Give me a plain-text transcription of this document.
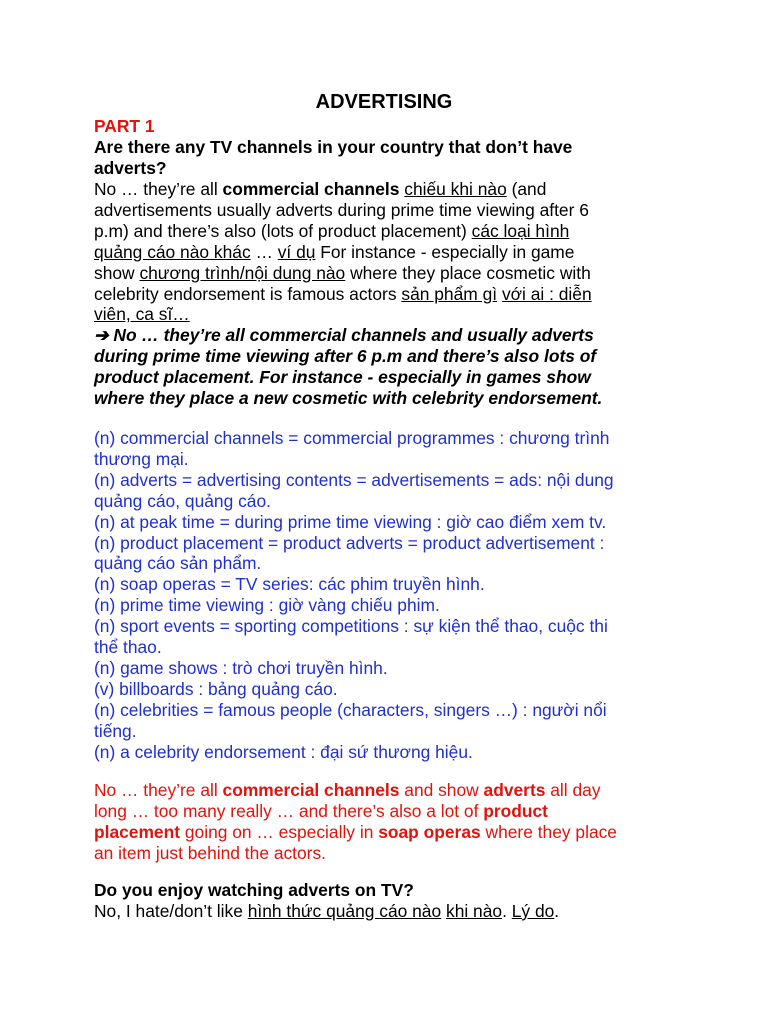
ADVERTISING
PART 1
Are there any TV channels in your country that don’t have
adverts?
No … they’re all commercial channels chiếu khi nào (and
advertisements usually adverts during prime time viewing after 6
p.m) and there’s also (lots of product placement) các loại hình
quảng cáo nào khác … ví dụ For instance - especially in game
show chương trình/nội dung nào where they place cosmetic with
celebrity endorsement is famous actors sản phẩm gì với ai : diễn
viên, ca sĩ…
➔ No … they’re all commercial channels and usually adverts
during prime time viewing after 6 p.m and there’s also lots of
product placement. For instance - especially in games show
where they place a new cosmetic with celebrity endorsement.
(n) commercial channels = commercial programmes : chương trình
thương mại.
(n) adverts = advertising contents = advertisements = ads: nội dung
quảng cáo, quảng cáo.
(n) at peak time = during prime time viewing : giờ cao điểm xem tv.
(n) product placement = product adverts = product advertisement :
quảng cáo sản phẩm.
(n) soap operas = TV series: các phim truyền hình.
(n) prime time viewing : giờ vàng chiếu phim.
(n) sport events = sporting competitions : sự kiện thể thao, cuộc thi
thể thao.
(n) game shows : trò chơi truyền hình.
(v) billboards : bảng quảng cáo.
(n) celebrities = famous people (characters, singers …) : người nổi
tiếng.
(n) a celebrity endorsement : đại sứ thương hiệu.
No … they’re all commercial channels and show adverts all day
long … too many really … and there’s also a lot of product
placement going on … especially in soap operas where they place
an item just behind the actors.
Do you enjoy watching adverts on TV?
No, I hate/don’t like hình thức quảng cáo nào khi nào. Lý do.
